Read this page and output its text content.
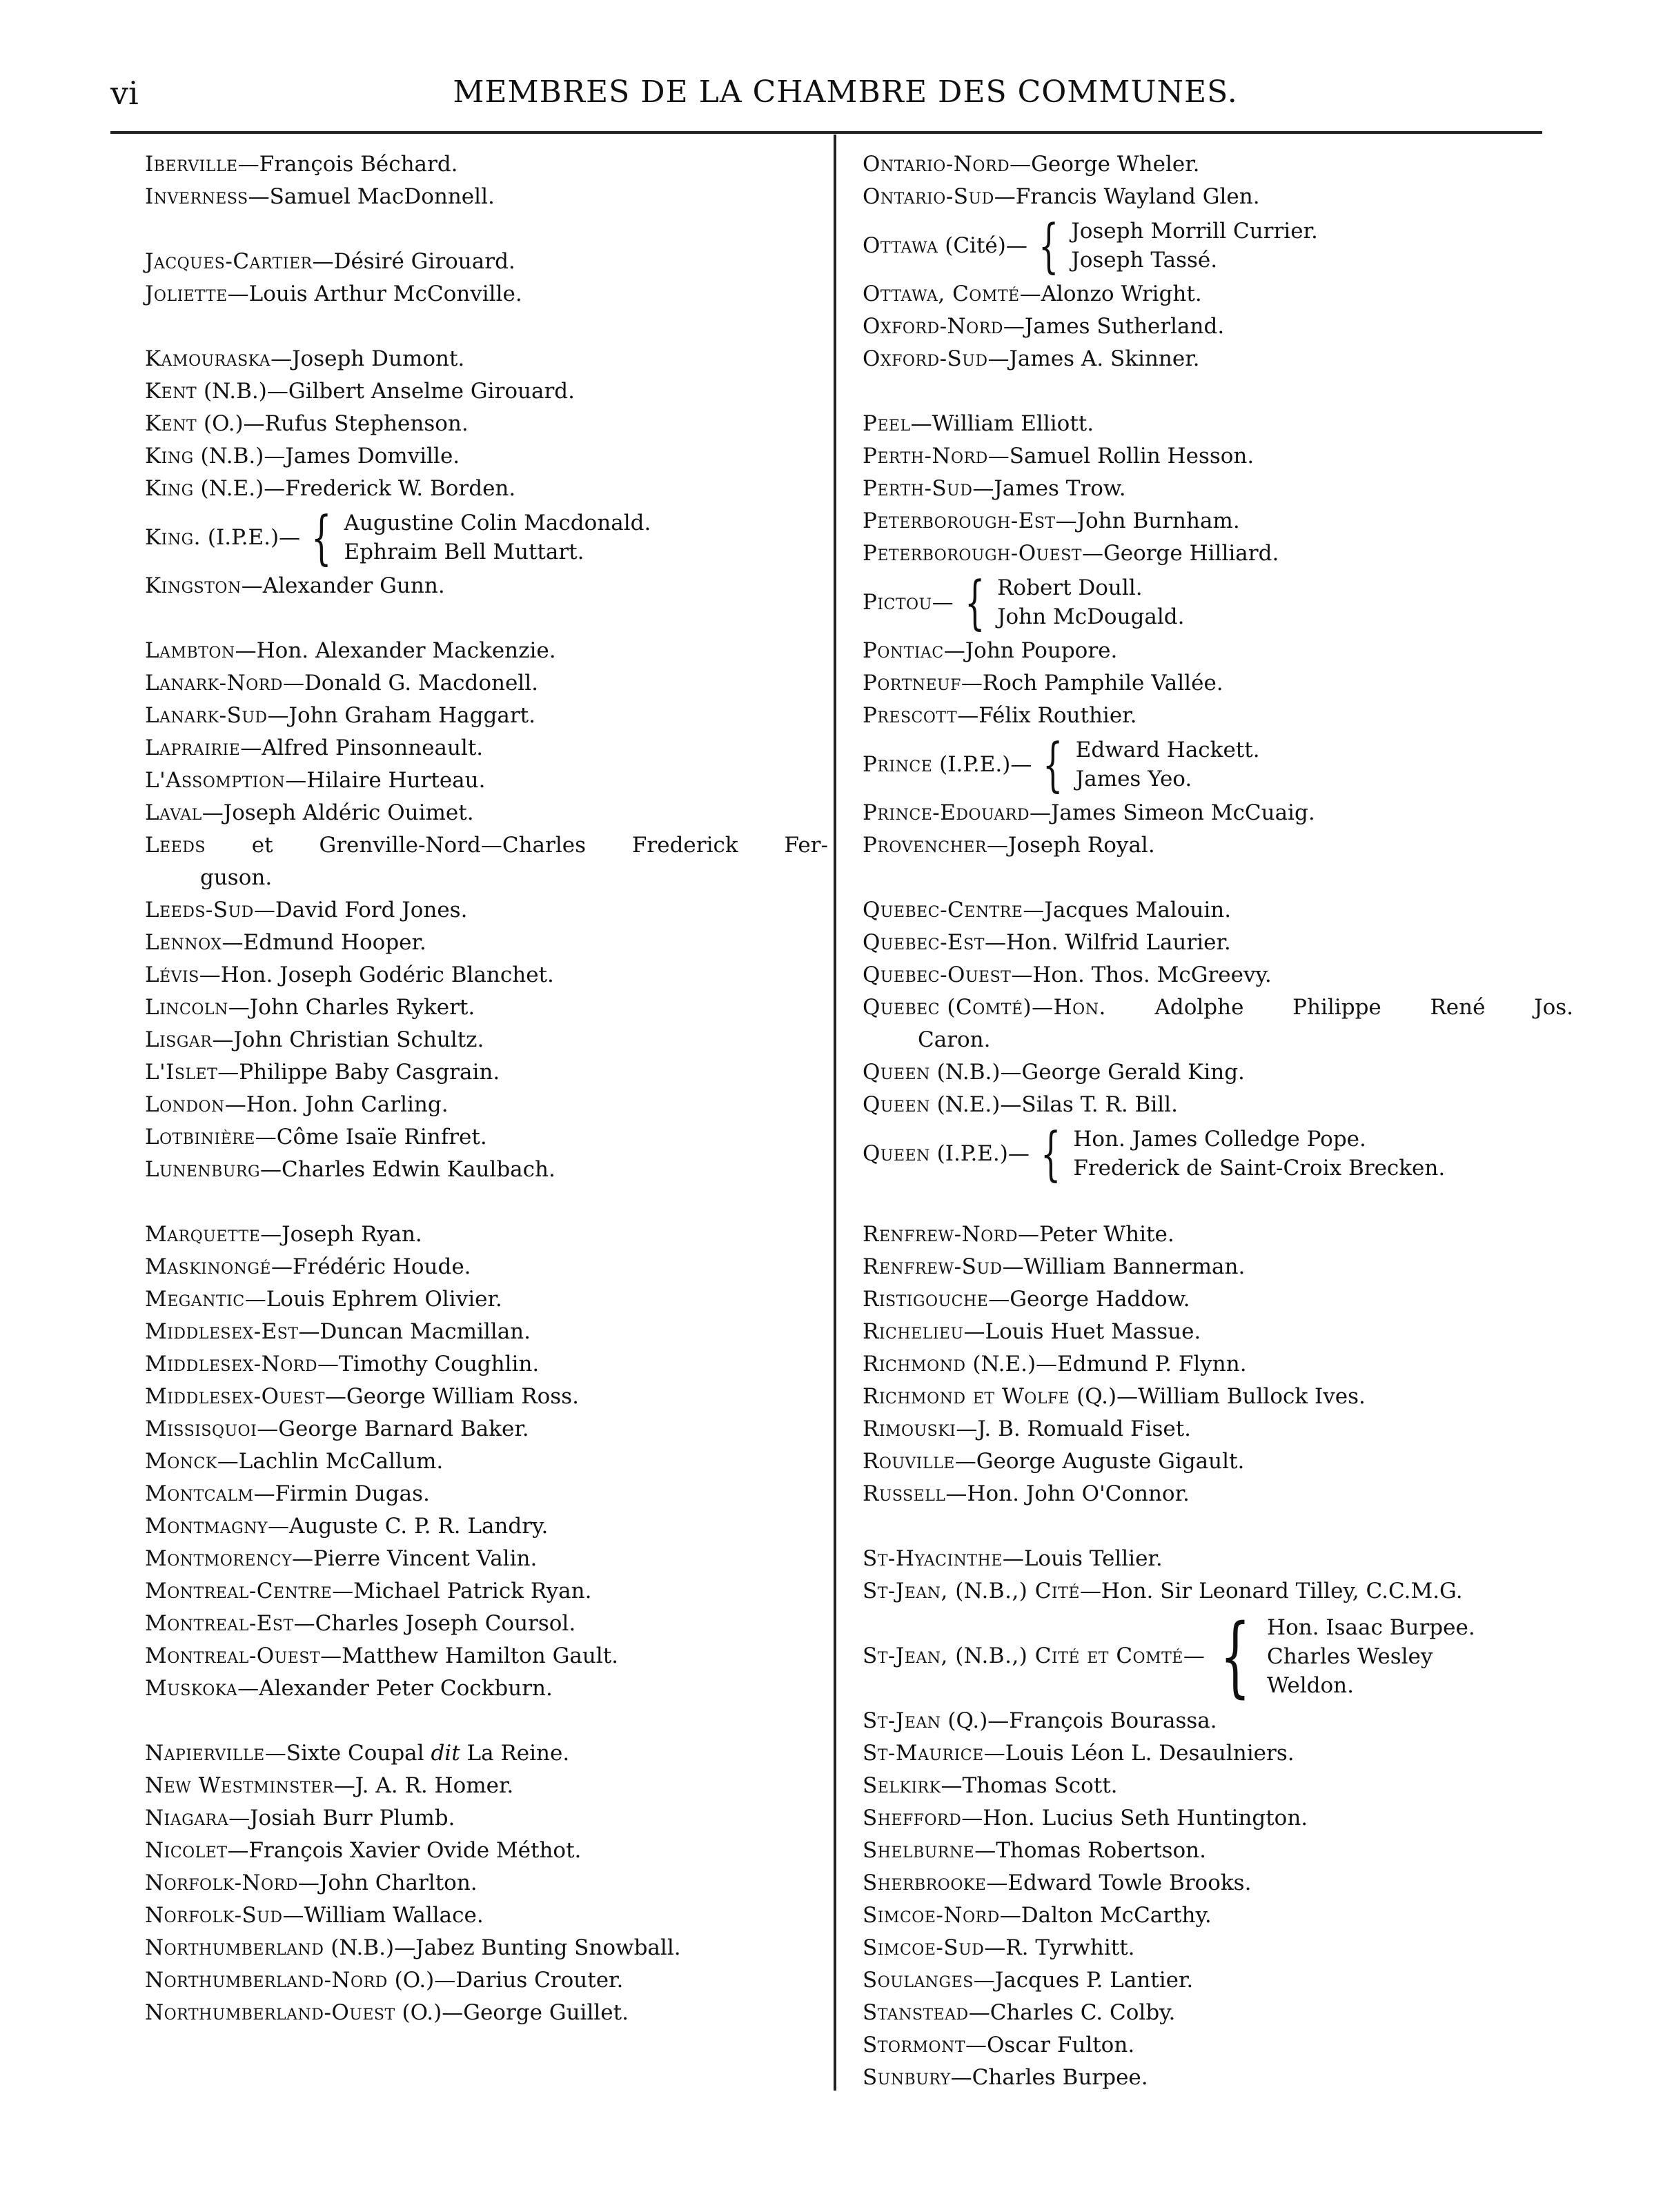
vi	MEMBRES DE LA CHAMBRE DES COMMUNES.
Iberville—François Béchard.
Inverness—Samuel MacDonnell.
Jacques-Cartier—Désiré Girouard.
Joliette—Louis Arthur McConville.
Kamouraska—Joseph Dumont.
Kent (N.B.)—Gilbert Anselme Girouard.
Kent (O.)—Rufus Stephenson.
King (N.B.)—James Domville.
King (N.E.)—Frederick W. Borden.
King. (I.P.E.)— { Augustine Colin Macdonald.
Ephraim Bell Muttart.
Kingston—Alexander Gunn.
Lambton—Hon. Alexander Mackenzie.
Lanark-Nord—Donald G. Macdonell.
Lanark-Sud—John Graham Haggart.
Laprairie—Alfred Pinsonneault.
L'Assomption—Hilaire Hurteau.
Laval—Joseph Aldéric Ouimet.
Leeds et Grenville-Nord—Charles Frederick Fer-
guson.
Leeds-Sud—David Ford Jones.
Lennox—Edmund Hooper.
Lévis—Hon. Joseph Godéric Blanchet.
Lincoln—John Charles Rykert.
Lisgar—John Christian Schultz.
L'Islet—Philippe Baby Casgrain.
London—Hon. John Carling.
Lotbinière—Côme Isaïe Rinfret.
Lunenburg—Charles Edwin Kaulbach.
Marquette—Joseph Ryan.
Maskinongé—Frédéric Houde.
Megantic—Louis Ephrem Olivier.
Middlesex-Est—Duncan Macmillan.
Middlesex-Nord—Timothy Coughlin.
Middlesex-Ouest—George William Ross.
Missisquoi—George Barnard Baker.
Monck—Lachlin McCallum.
Montcalm—Firmin Dugas.
Montmagny—Auguste C. P. R. Landry.
Montmorency—Pierre Vincent Valin.
Montreal-Centre—Michael Patrick Ryan.
Montreal-Est—Charles Joseph Coursol.
Montreal-Ouest—Matthew Hamilton Gault.
Muskoka—Alexander Peter Cockburn.
Napierville—Sixte Coupal dit La Reine.
New Westminster—J. A. R. Homer.
Niagara—Josiah Burr Plumb.
Nicolet—François Xavier Ovide Méthot.
Norfolk-Nord—John Charlton.
Norfolk-Sud—William Wallace.
Northumberland (N.B.)—Jabez Bunting Snowball.
Northumberland-Nord (O.)—Darius Crouter.
Northumberland-Ouest (O.)—George Guillet.
Ontario-Nord—George Wheler.
Ontario-Sud—Francis Wayland Glen.
Ottawa (Cité)— { Joseph Morrill Currier.
Joseph Tassé.
Ottawa, Comté—Alonzo Wright.
Oxford-Nord—James Sutherland.
Oxford-Sud—James A. Skinner.
Peel—William Elliott.
Perth-Nord—Samuel Rollin Hesson.
Perth-Sud—James Trow.
Peterborough-Est—John Burnham.
Peterborough-Ouest—George Hilliard.
Pictou— { Robert Doull.
John McDougald.
Pontiac—John Poupore.
Portneuf—Roch Pamphile Vallée.
Prescott—Félix Routhier.
Prince (I.P.E.)— { Edward Hackett.
James Yeo.
Prince-Edouard—James Simeon McCuaig.
Provencher—Joseph Royal.
Quebec-Centre—Jacques Malouin.
Quebec-Est—Hon. Wilfrid Laurier.
Quebec-Ouest—Hon. Thos. McGreevy.
Quebec (Comté)—Hon. Adolphe Philippe René Jos.
Caron.
Queen (N.B.)—George Gerald King.
Queen (N.E.)—Silas T. R. Bill.
Queen (I.P.E.)— { Hon. James Colledge Pope.
Frederick de Saint-Croix Brecken.
Renfrew-Nord—Peter White.
Renfrew-Sud—William Bannerman.
Ristigouche—George Haddow.
Richelieu—Louis Huet Massue.
Richmond (N.E.)—Edmund P. Flynn.
Richmond et Wolfe (Q.)—William Bullock Ives.
Rimouski—J. B. Romuald Fiset.
Rouville—George Auguste Gigault.
Russell—Hon. John O'Connor.
St-Hyacinthe—Louis Tellier.
St-Jean, (N.B.,) Cité—Hon. Sir Leonard Tilley, C.C.M.G.
St-Jean, (N.B.,) Cité et Comté— { Hon. Isaac Burpee.
Charles Wesley
Weldon.
St-Jean (Q.)—François Bourassa.
St-Maurice—Louis Léon L. Desaulniers.
Selkirk—Thomas Scott.
Shefford—Hon. Lucius Seth Huntington.
Shelburne—Thomas Robertson.
Sherbrooke—Edward Towle Brooks.
Simcoe-Nord—Dalton McCarthy.
Simcoe-Sud—R. Tyrwhitt.
Soulanges—Jacques P. Lantier.
Stanstead—Charles C. Colby.
Stormont—Oscar Fulton.
Sunbury—Charles Burpee.
